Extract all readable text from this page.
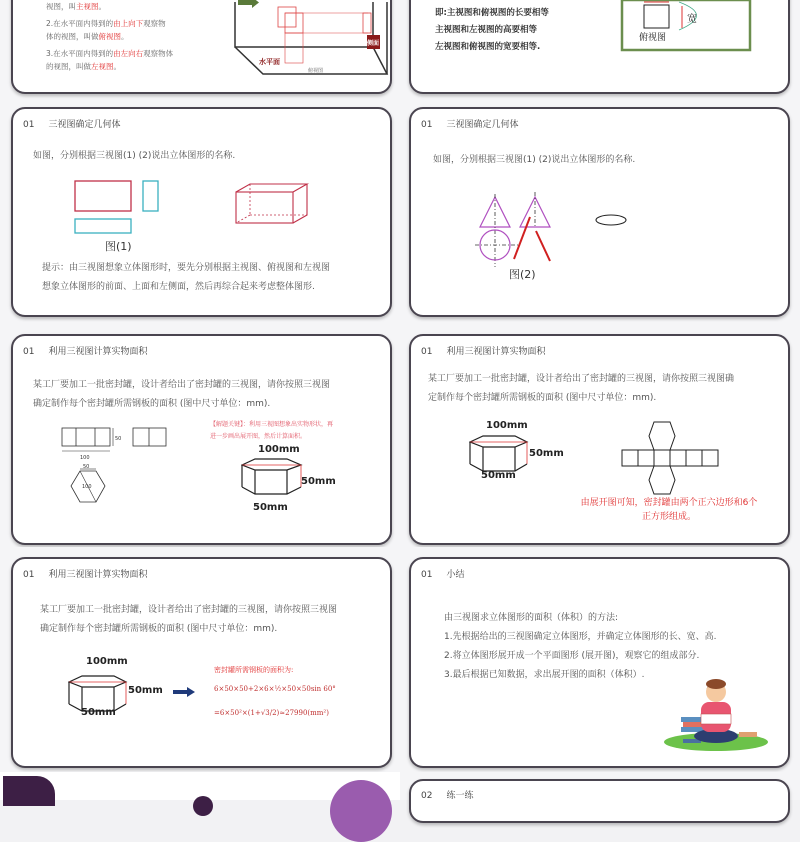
视图，叫主视图。
2.在水平面内得到的由上向下观察物
体的视图，叫做俯视图。
3.在水平面内得到的由左向右观察物体
的视图，叫做左视图。
侧面
水平面
俯视图
即:主视图和俯视图的长要相等
主视图和左视图的高要相等
左视图和俯视图的宽要相等.
宽
俯视图
01 三视图确定几何体
如图，分别根据三视图(1) (2)说出立体图形的名称.
图(1)
提示：由三视图想象立体图形时，要先分别根据主视图、俯视图和左视图
想象立体图形的前面、上面和左侧面，然后再综合起来考虑整体图形.
01 三视图确定几何体
如图，分别根据三视图(1) (2)说出立体图形的名称.
图(2)
01 利用三视图计算实物面积
某工厂要加工一批密封罐，设计者给出了密封罐的三视图，请你按照三视图
确定制作每个密封罐所需钢板的面积 (图中尺寸单位：mm).
50
100
50
100
【解题关键】：利用三视图想象出实物形状，再
进一步画出展开图，然后计算面积。
100mm
50mm
50mm
01 利用三视图计算实物面积
某工厂要加工一批密封罐，设计者给出了密封罐的三视图，请你按照三视图确
定制作每个密封罐所需钢板的面积 (图中尺寸单位：mm).
100mm
50mm
50mm
由展开图可知，密封罐由两个正六边形和6个
正方形组成。
01 利用三视图计算实物面积
某工厂要加工一批密封罐，设计者给出了密封罐的三视图，请你按照三视图
确定制作每个密封罐所需钢板的面积 (图中尺寸单位：mm).
100mm
50mm
50mm
密封罐所需钢板的面积为:
6×50×50+2×6×½×50×50sin 60°
=6×50²×(1+√3/2)≈27990(mm²)
01 小结
由三视图求立体图形的面积（体积）的方法:
1.先根据给出的三视图确定立体图形，并确定立体图形的长、宽、高.
2.将立体图形展开成一个平面图形 (展开图)，观察它的组成部分.
3.最后根据已知数据，求出展开图的面积（体积）.
02 练一练
